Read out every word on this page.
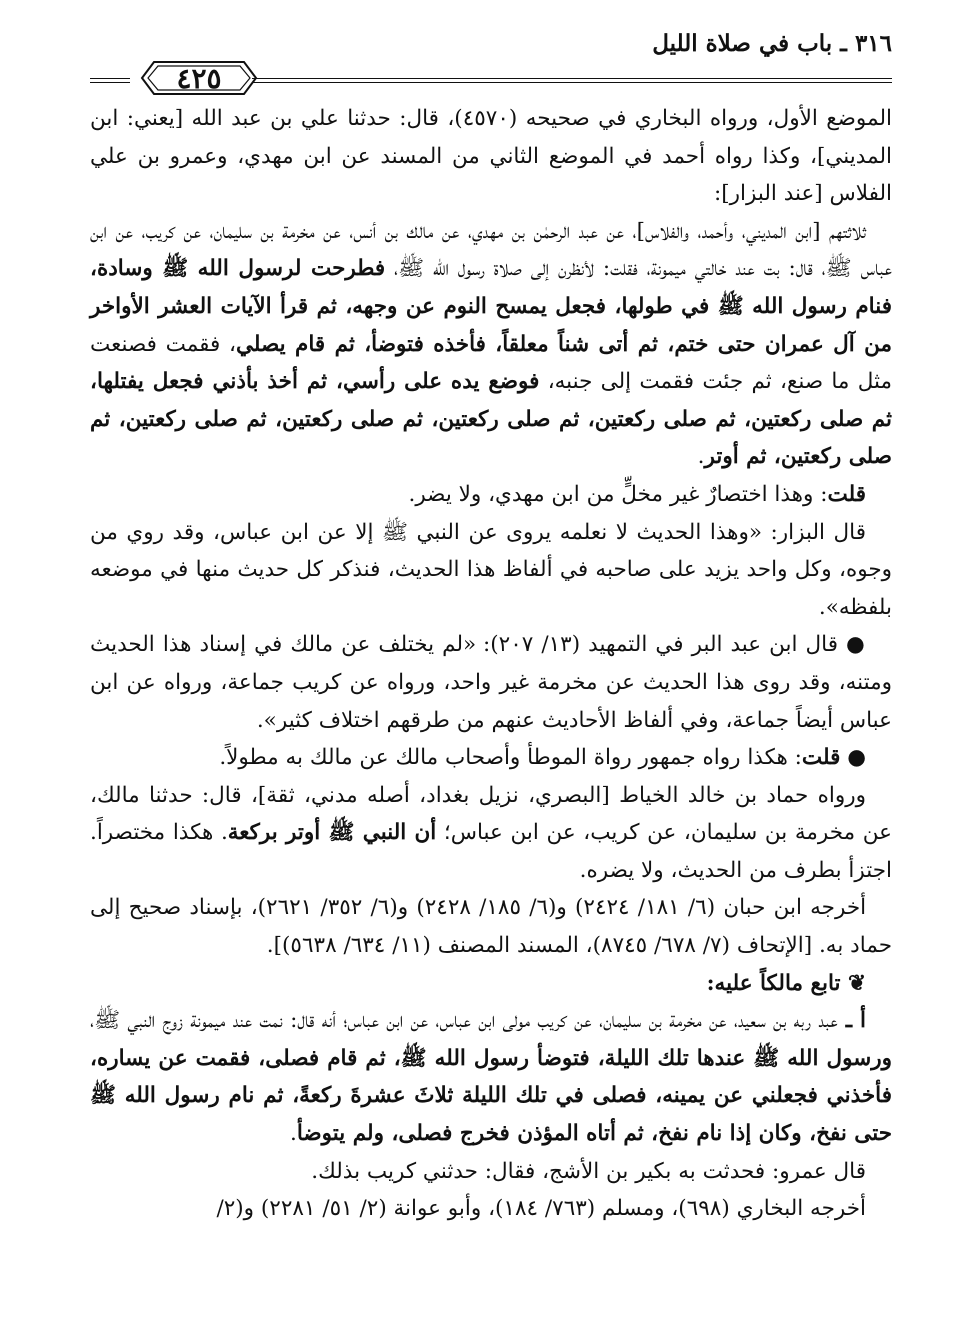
٣١٦ ـ باب في صلاة الليل
٤٢٥

الموضع الأول، ورواه البخاري في صحيحه (٤٥٧٠)، قال: حدثنا علي بن عبد الله [يعني: ابن المديني]، وكذا رواه أحمد في الموضع الثاني من المسند عن ابن مهدي، وعمرو بن علي الفلاس [عند البزار]:

ثلاثتهم [ابن المديني، وأحمد، والفلاس]، عن عبد الرحمٰن بن مهدي، عن مالك بن أنس، عن مخرمة بن سليمان، عن كريب، عن ابن عباس ﷺ، قال: بت عند خالتي ميمونة، فقلت: لأنظرن إلى صلاة رسول الله ﷺ، فطرحت لرسول الله ﷺ وسادة، فنام رسول الله ﷺ في طولها، فجعل يمسح النوم عن وجهه، ثم قرأ الآيات العشر الأواخر من آل عمران حتى ختم، ثم أتى شناً معلقاً، فأخذه فتوضأ، ثم قام يصلي، فقمت فصنعت مثل ما صنع، ثم جئت فقمت إلى جنبه، فوضع يده على رأسي، ثم أخذ بأذني فجعل يفتلها، ثم صلى ركعتين، ثم صلى ركعتين، ثم صلى ركعتين، ثم صلى ركعتين، ثم صلى ركعتين، ثم صلى ركعتين، ثم أوتر.

قلت: وهذا اختصارٌ غير مخلٍّ من ابن مهدي، ولا يضر.

قال البزار: «وهذا الحديث لا نعلمه يروى عن النبي ﷺ إلا عن ابن عباس، وقد روي من وجوه، وكل واحد يزيد على صاحبه في ألفاظ هذا الحديث، فنذكر كل حديث منها في موضعه بلفظه».

● قال ابن عبد البر في التمهيد (١٣/ ٢٠٧): «لم يختلف عن مالك في إسناد هذا الحديث ومتنه، وقد روى هذا الحديث عن مخرمة غير واحد، ورواه عن كريب جماعة، ورواه عن ابن عباس أيضاً جماعة، وفي ألفاظ الأحاديث عنهم من طرقهم اختلاف كثير».

● قلت: هكذا رواه جمهور رواة الموطأ وأصحاب مالك عن مالك به مطولاً.

ورواه حماد بن خالد الخياط [البصري، نزيل بغداد، أصله مدني، ثقة]، قال: حدثنا مالك، عن مخرمة بن سليمان، عن كريب، عن ابن عباس؛ أن النبي ﷺ أوتر بركعة. هكذا مختصراً. اجتزأ بطرف من الحديث، ولا يضره.

أخرجه ابن حبان (٦/ ١٨١/ ٢٤٢٤) و(٦/ ١٨٥/ ٢٤٢٨) و(٦/ ٣٥٢/ ٢٦٢١)، بإسناد صحيح إلى حماد به. [الإتحاف (٧/ ٦٧٨/ ٨٧٤٥)، المسند المصنف (١١/ ٦٣٤/ ٥٦٣٨)].

❦ تابع مالكاً عليه:

أ ـ عبد ربه بن سعيد، عن مخرمة بن سليمان، عن كريب مولى ابن عباس، عن ابن عباس؛ أنه قال: نمت عند ميمونة زوج النبي ﷺ، ورسول الله ﷺ عندها تلك الليلة، فتوضأ رسول الله ﷺ، ثم قام فصلى، فقمت عن يساره، فأخذني فجعلني عن يمينه، فصلى في تلك الليلة ثلاثَ عشرةَ ركعةً، ثم نام رسول الله ﷺ حتى نفخ، وكان إذا نام نفخ، ثم أتاه المؤذن فخرج فصلى، ولم يتوضأ.

قال عمرو: فحدثت به بكير بن الأشج، فقال: حدثني كريب بذلك.

أخرجه البخاري (٦٩٨)، ومسلم (٧٦٣/ ١٨٤)، وأبو عوانة (٢/ ٥١/ ٢٢٨١) و(٢/
